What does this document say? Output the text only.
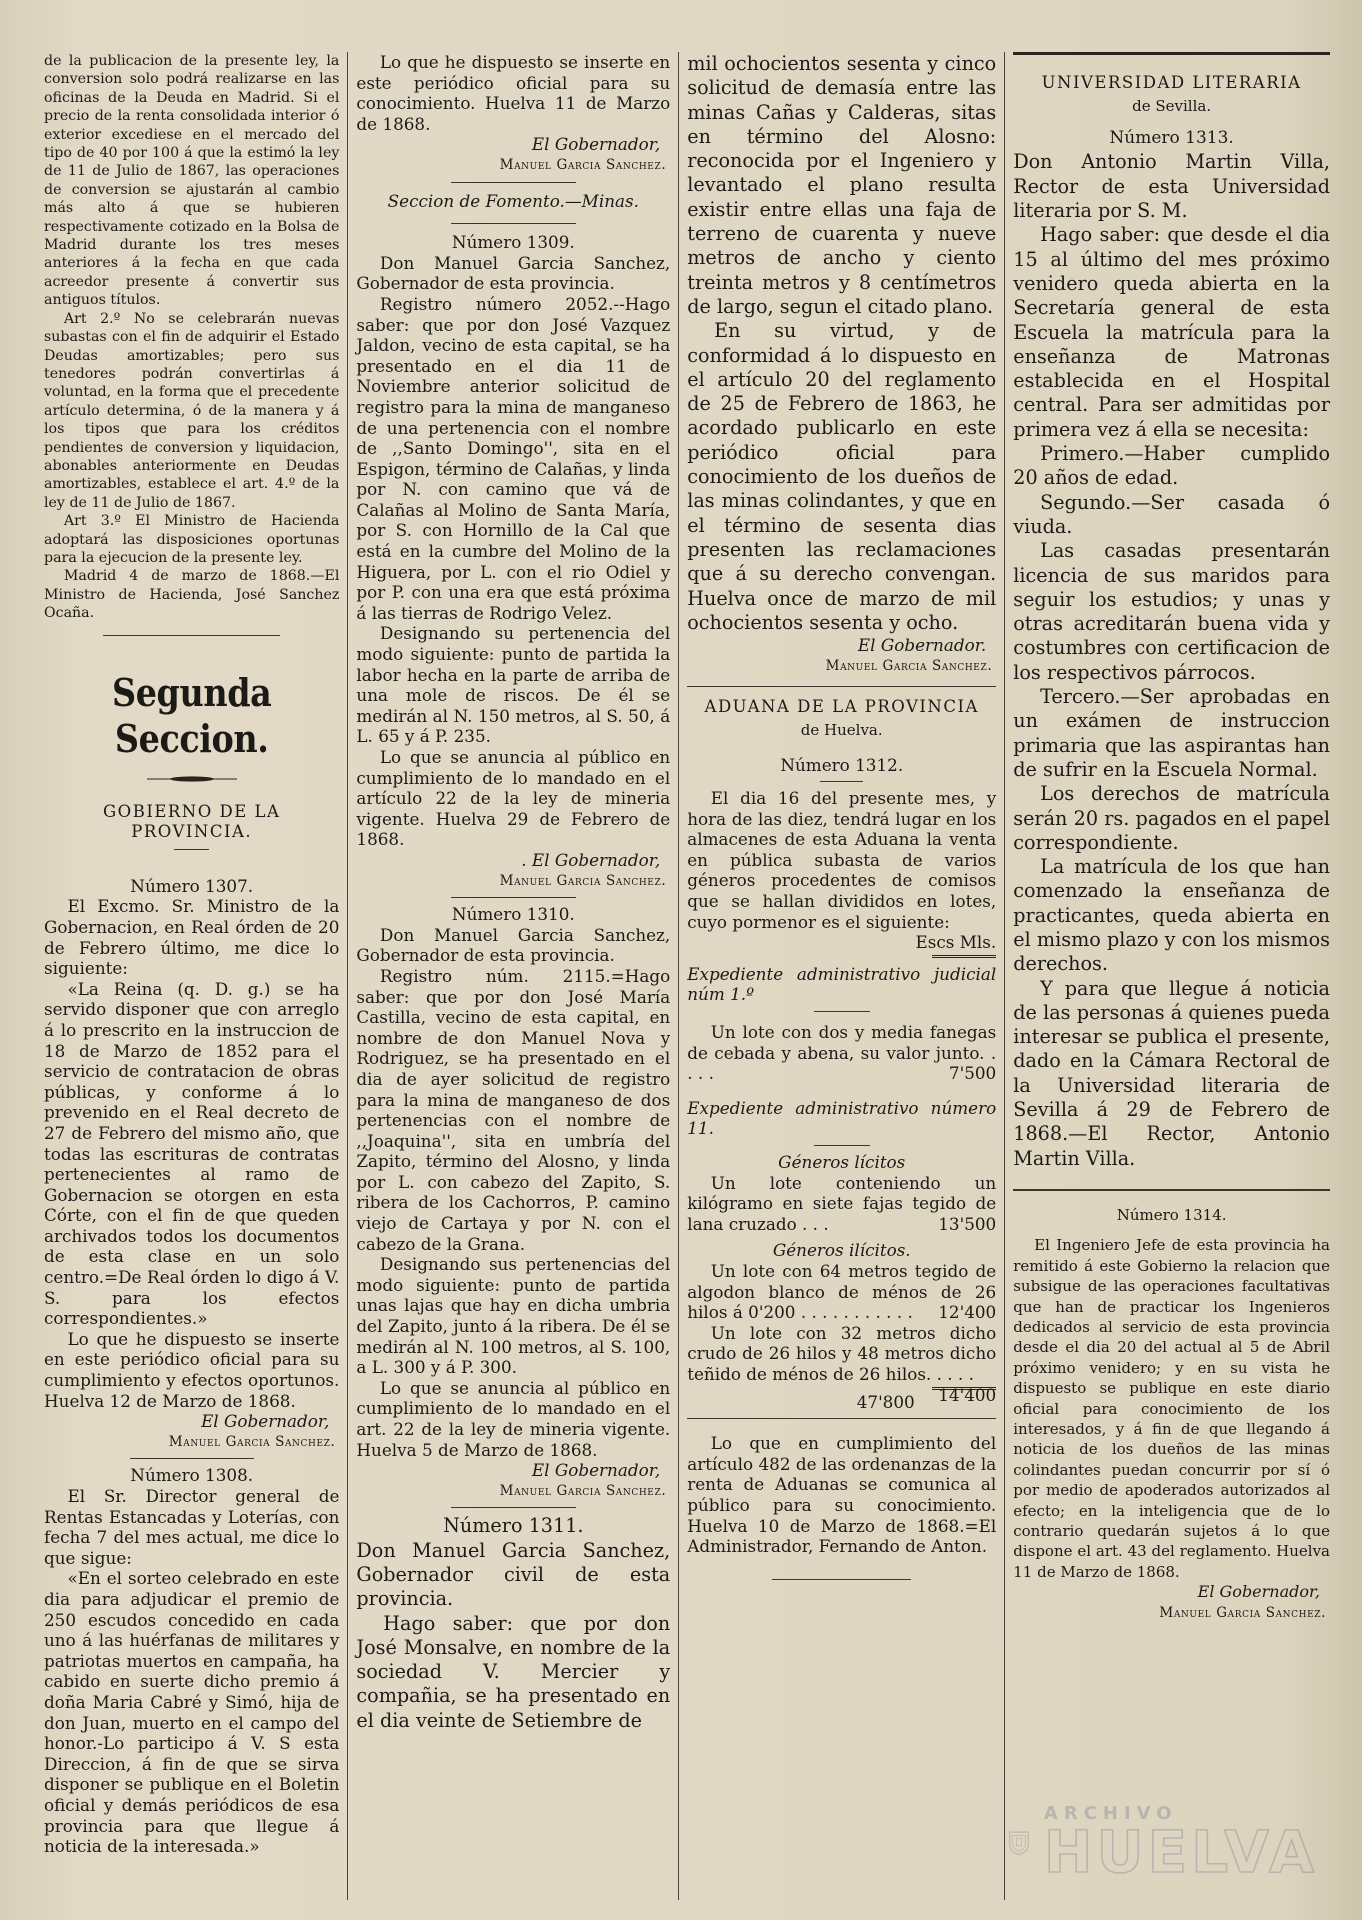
de la publicacion de la presente ley, la conversion solo podrá realizarse en las oficinas de la Deuda en Madrid. Si el precio de la renta consolidada interior ó exterior excediese en el mercado del tipo de 40 por 100 á que la estimó la ley de 11 de Julio de 1867, las operaciones de conversion se ajustarán al cambio más alto á que se hubieren respectivamente cotizado en la Bolsa de Madrid durante los tres meses anteriores á la fecha en que cada acreedor presente á convertir sus antiguos títulos.

Art 2.º No se celebrarán nuevas subastas con el fin de adquirir el Estado Deudas amortizables; pero sus tenedores podrán convertirlas á voluntad, en la forma que el precedente artículo determina, ó de la manera y á los tipos que para los créditos pendientes de conversion y liquidacion, abonables anteriormente en Deudas amortizables, establece el art. 4.º de la ley de 11 de Julio de 1867.

Art 3.º El Ministro de Hacienda adoptará las disposiciones oportunas para la ejecucion de la presente ley.

Madrid 4 de marzo de 1868.—El Ministro de Hacienda, José Sanchez Ocaña.

Segunda Seccion.
GOBIERNO DE LA PROVINCIA.
Número 1307.

El Excmo. Sr. Ministro de la Gobernacion, en Real órden de 20 de Febrero último, me dice lo siguiente:

«La Reina (q. D. g.) se ha servido disponer que con arreglo á lo prescrito en la instruccion de 18 de Marzo de 1852 para el servicio de contratacion de obras públicas, y conforme á lo prevenido en el Real decreto de 27 de Febrero del mismo año, que todas las escrituras de contratas pertenecientes al ramo de Gobernacion se otorgen en esta Córte, con el fin de que queden archivados todos los documentos de esta clase en un solo centro.=De Real órden lo digo á V. S. para los efectos correspondientes.»

Lo que he dispuesto se inserte en este periódico oficial para su cumplimiento y efectos oportunos. Huelva 12 de Marzo de 1868.

El Gobernador,
Manuel Garcia Sanchez.
Número 1308.

El Sr. Director general de Rentas Estancadas y Loterías, con fecha 7 del mes actual, me dice lo que sigue:

«En el sorteo celebrado en este dia para adjudicar el premio de 250 escudos concedido en cada uno á las huérfanas de militares y patriotas muertos en campaña, ha cabido en suerte dicho premio á doña Maria Cabré y Simó, hija de don Juan, muerto en el campo del honor.-Lo participo á V. S esta Direccion, á fin de que se sirva disponer se publique en el Boletin oficial y demás periódicos de esa provincia para que llegue á noticia de la interesada.»

Lo que he dispuesto se inserte en este periódico oficial para su conocimiento. Huelva 11 de Marzo de 1868.

El Gobernador,
Manuel Garcia Sanchez.
Seccion de Fomento.—Minas.
Número 1309.

Don Manuel Garcia Sanchez, Gobernador de esta provincia.

Registro número 2052.--Hago saber: que por don José Vazquez Jaldon, vecino de esta capital, se ha presentado en el dia 11 de Noviembre anterior solicitud de registro para la mina de manganeso de una pertenencia con el nombre de ,,Santo Domingo'', sita en el Espigon, término de Calañas, y linda por N. con camino que vá de Calañas al Molino de Santa María, por S. con Hornillo de la Cal que está en la cumbre del Molino de la Higuera, por L. con el rio Odiel y por P. con una era que está próxima á las tierras de Rodrigo Velez.

Designando su pertenencia del modo siguiente: punto de partida la labor hecha en la parte de arriba de una mole de riscos. De él se medirán al N. 150 metros, al S. 50, á L. 65 y á P. 235.

Lo que se anuncia al público en cumplimiento de lo mandado en el artículo 22 de la ley de mineria vigente. Huelva 29 de Febrero de 1868.

. El Gobernador,
Manuel Garcia Sanchez.
Número 1310.

Don Manuel Garcia Sanchez, Gobernador de esta provincia.

Registro núm. 2115.=Hago saber: que por don José María Castilla, vecino de esta capital, en nombre de don Manuel Nova y Rodriguez, se ha presentado en el dia de ayer solicitud de registro para la mina de manganeso de dos pertenencias con el nombre de ,,Joaquina'', sita en umbría del Zapito, término del Alosno, y linda por L. con cabezo del Zapito, S. ribera de los Cachorros, P. camino viejo de Cartaya y por N. con el cabezo de la Grana.

Designando sus pertenencias del modo siguiente: punto de partida unas lajas que hay en dicha umbria del Zapito, junto á la ribera. De él se medirán al N. 100 metros, al S. 100, a L. 300 y á P. 300.

Lo que se anuncia al público en cumplimiento de lo mandado en el art. 22 de la ley de mineria vigente. Huelva 5 de Marzo de 1868.

El Gobernador,
Manuel Garcia Sanchez.
Número 1311.

Don Manuel Garcia Sanchez, Gobernador civil de esta provincia.

Hago saber: que por don José Monsalve, en nombre de la sociedad V. Mercier y compañia, se ha presentado en el dia veinte de Setiembre de

mil ochocientos sesenta y cinco solicitud de demasía entre las minas Cañas y Calderas, sitas en término del Alosno: reconocida por el Ingeniero y levantado el plano resulta existir entre ellas una faja de terreno de cuarenta y nueve metros de ancho y ciento treinta metros y 8 centímetros de largo, segun el citado plano.

En su virtud, y de conformidad á lo dispuesto en el artículo 20 del reglamento de 25 de Febrero de 1863, he acordado publicarlo en este periódico oficial para conocimiento de los dueños de las minas colindantes, y que en el término de sesenta dias presenten las reclamaciones que á su derecho convengan. Huelva once de marzo de mil ochocientos sesenta y ocho.

El Gobernador.
Manuel Garcia Sanchez.
ADUANA DE LA PROVINCIA
de Huelva.
Número 1312.

El dia 16 del presente mes, y hora de las diez, tendrá lugar en los almacenes de esta Aduana la venta en pública subasta de varios géneros procedentes de comisos que se hallan divididos en lotes, cuyo pormenor es el siguiente:

Escs Mls.

Expediente administrativo judicial núm 1.º

Un lote con dos y media fanegas de cebada y abena, su valor junto. . . . .	7'500

Expediente administrativo número 11.

Géneros lícitos

Un lote conteniendo un kilógramo en siete fajas tegido de lana cruzado . . .	13'500

Géneros ilícitos.

Un lote con 64 metros tegido de algodon blanco de ménos de 26 hilos á 0'200 . . . . . . . . . . .	12'400

Un lote con 32 metros dicho crudo de 26 hilos y 48 metros dicho teñido de ménos de 26 hilos. . . . .
14'400

47'800

Lo que en cumplimiento del artículo 482 de las ordenanzas de la renta de Aduanas se comunica al público para su conocimiento. Huelva 10 de Marzo de 1868.=El Administrador, Fernando de Anton.

UNIVERSIDAD LITERARIA
de Sevilla.
Número 1313.

Don Antonio Martin Villa, Rector de esta Universidad literaria por S. M.

Hago saber: que desde el dia 15 al último del mes próximo venidero queda abierta en la Secretaría general de esta Escuela la matrícula para la enseñanza de Matronas establecida en el Hospital central. Para ser admitidas por primera vez á ella se necesita:

Primero.—Haber cumplido 20 años de edad.

Segundo.—Ser casada ó viuda.

Las casadas presentarán licencia de sus maridos para seguir los estudios; y unas y otras acreditarán buena vida y costumbres con certificacion de los respectivos párrocos.

Tercero.—Ser aprobadas en un exámen de instruccion primaria que las aspirantas han de sufrir en la Escuela Normal.

Los derechos de matrícula serán 20 rs. pagados en el papel correspondiente.

La matrícula de los que han comenzado la enseñanza de practicantes, queda abierta en el mismo plazo y con los mismos derechos.

Y para que llegue á noticia de las personas á quienes pueda interesar se publica el presente, dado en la Cámara Rectoral de la Universidad literaria de Sevilla á 29 de Febrero de 1868.—El Rector, Antonio Martin Villa.

Número 1314.

El Ingeniero Jefe de esta provincia ha remitido á este Gobierno la relacion que subsigue de las operaciones facultativas que han de practicar los Ingenieros dedicados al servicio de esta provincia desde el dia 20 del actual al 5 de Abril próximo venidero; y en su vista he dispuesto se publique en este diario oficial para conocimiento de los interesados, y á fin de que llegando á noticia de los dueños de las minas colindantes puedan concurrir por sí ó por medio de apoderados autorizados al efecto; en la inteligencia que de lo contrario quedarán sujetos á lo que dispone el art. 43 del reglamento. Huelva 11 de Marzo de 1868.

El Gobernador,
Manuel Garcia Sanchez.
ARCHIVO
HUELVA
